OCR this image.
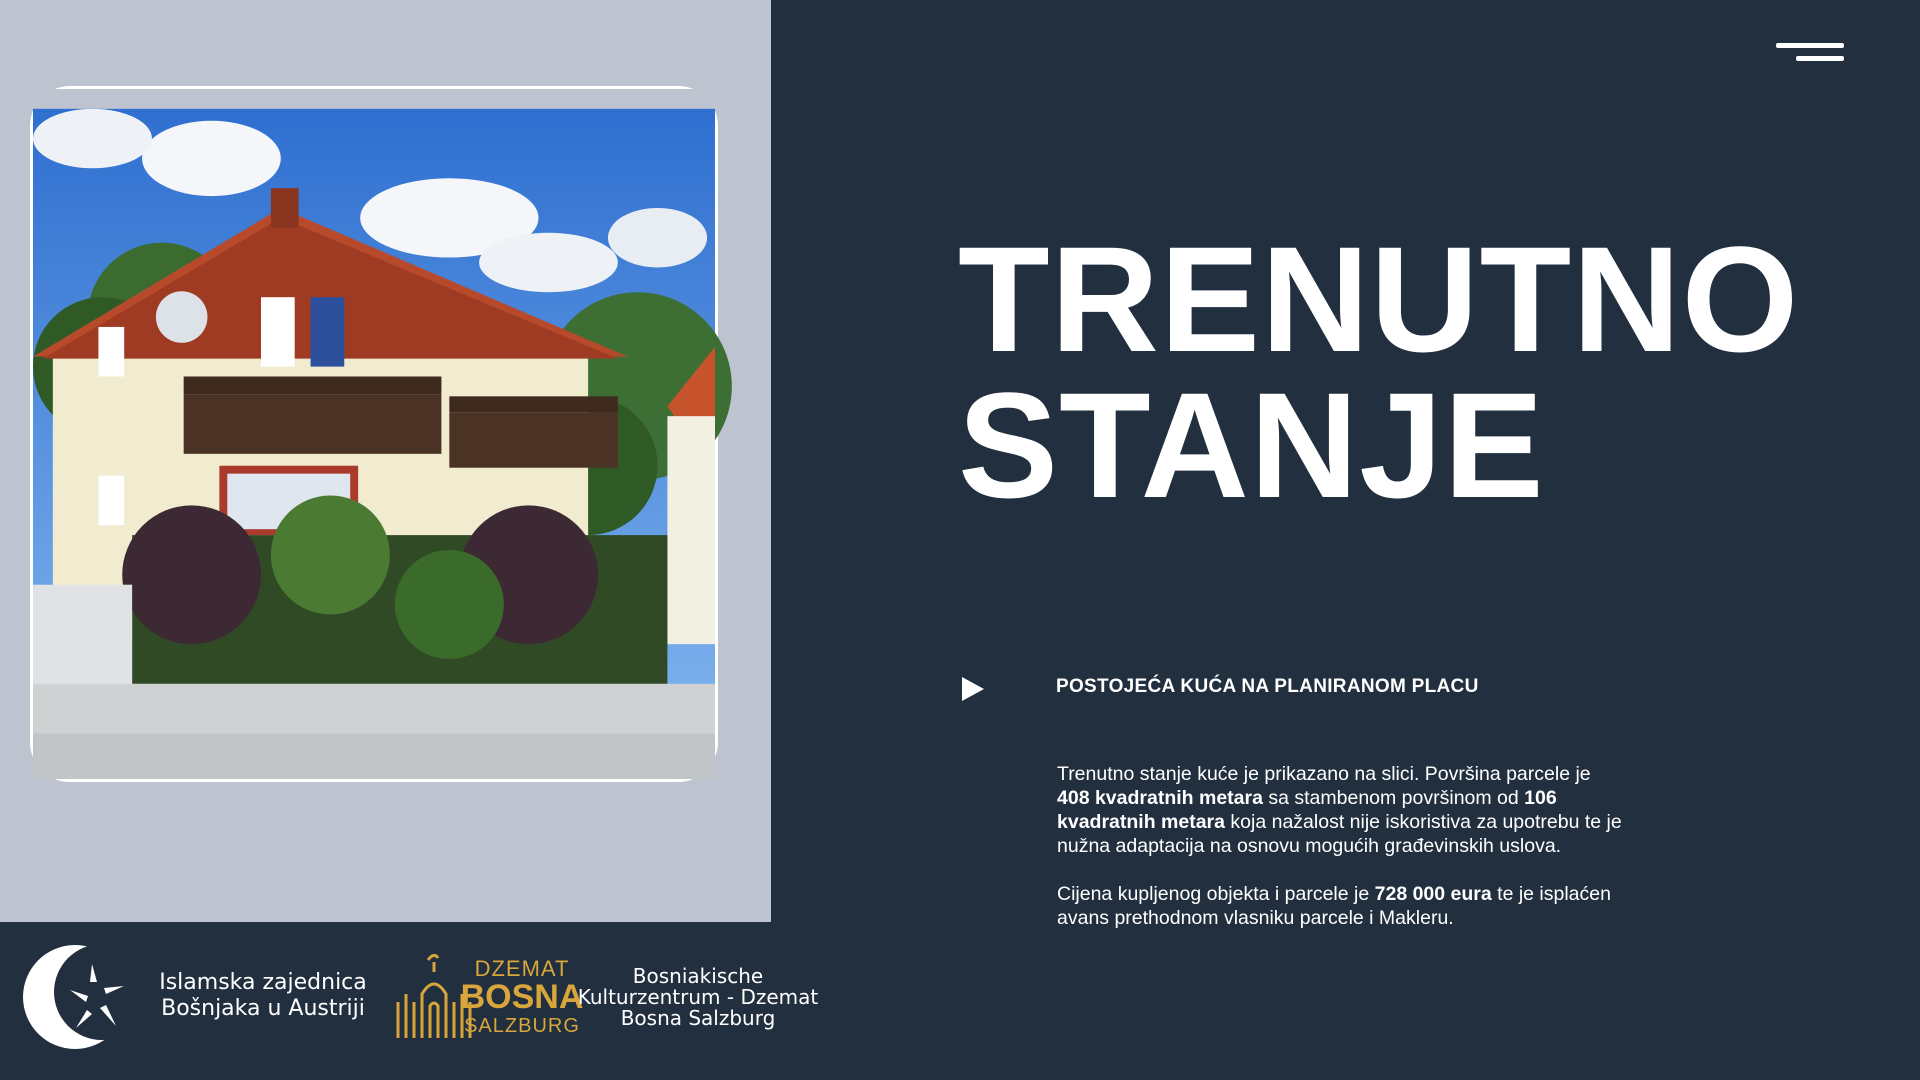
TRENUTNO
STANJE
POSTOJEĆA KUĆA NA PLANIRANOM PLACU

Trenutno stanje kuće je prikazano na slici. Površina parcele je 408 kvadratnih metara sa stambenom površinom od 106 kvadratnih metara koja nažalost nije iskoristiva za upotrebu te je nužna adaptacija na osnovu mogućih građevinskih uslova.

Cijena kupljenog objekta i parcele je 728 000 eura te je isplaćen avans prethodnom vlasniku parcele i Makleru.

Islamska zajednica
Bošnjaka u Austriji
DZEMAT
BOSNA
SALZBURG
Bosniakische
Kulturzentrum - Dzemat
Bosna Salzburg
